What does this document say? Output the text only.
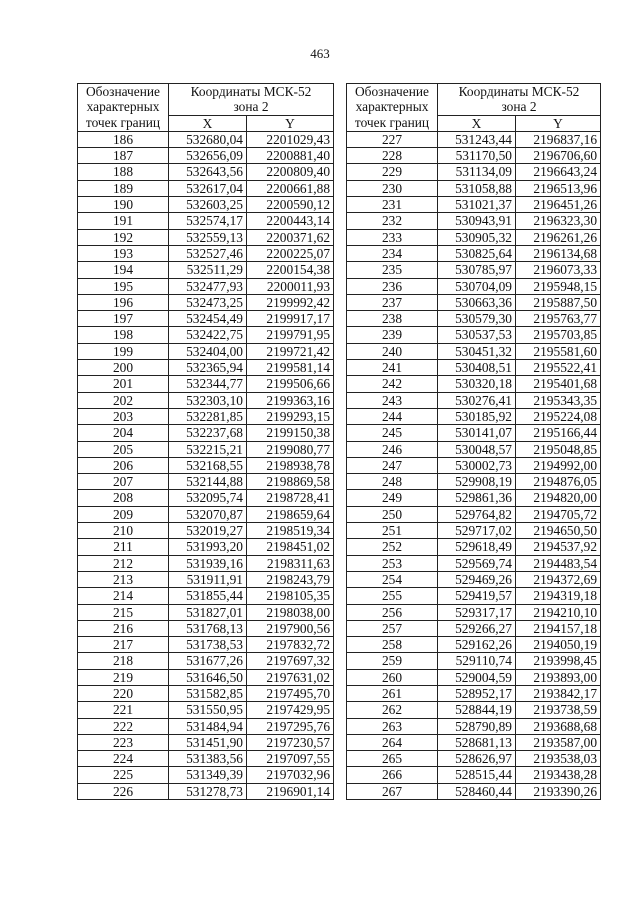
463
Обозначение
характерных
точек границ	Координаты МСК-52
зона 2	
	X	Y
186	532680,04	2201029,43
187	532656,09	2200881,40
188	532643,56	2200809,40
189	532617,04	2200661,88
190	532603,25	2200590,12
191	532574,17	2200443,14
192	532559,13	2200371,62
193	532527,46	2200225,07
194	532511,29	2200154,38
195	532477,93	2200011,93
196	532473,25	2199992,42
197	532454,49	2199917,17
198	532422,75	2199791,95
199	532404,00	2199721,42
200	532365,94	2199581,14
201	532344,77	2199506,66
202	532303,10	2199363,16
203	532281,85	2199293,15
204	532237,68	2199150,38
205	532215,21	2199080,77
206	532168,55	2198938,78
207	532144,88	2198869,58
208	532095,74	2198728,41
209	532070,87	2198659,64
210	532019,27	2198519,34
211	531993,20	2198451,02
212	531939,16	2198311,63
213	531911,91	2198243,79
214	531855,44	2198105,35
215	531827,01	2198038,00
216	531768,13	2197900,56
217	531738,53	2197832,72
218	531677,26	2197697,32
219	531646,50	2197631,02
220	531582,85	2197495,70
221	531550,95	2197429,95
222	531484,94	2197295,76
223	531451,90	2197230,57
224	531383,56	2197097,55
225	531349,39	2197032,96
226	531278,73	2196901,14
Обозначение
характерных
точек границ	Координаты МСК-52
зона 2	
	X	Y
227	531243,44	2196837,16
228	531170,50	2196706,60
229	531134,09	2196643,24
230	531058,88	2196513,96
231	531021,37	2196451,26
232	530943,91	2196323,30
233	530905,32	2196261,26
234	530825,64	2196134,68
235	530785,97	2196073,33
236	530704,09	2195948,15
237	530663,36	2195887,50
238	530579,30	2195763,77
239	530537,53	2195703,85
240	530451,32	2195581,60
241	530408,51	2195522,41
242	530320,18	2195401,68
243	530276,41	2195343,35
244	530185,92	2195224,08
245	530141,07	2195166,44
246	530048,57	2195048,85
247	530002,73	2194992,00
248	529908,19	2194876,05
249	529861,36	2194820,00
250	529764,82	2194705,72
251	529717,02	2194650,50
252	529618,49	2194537,92
253	529569,74	2194483,54
254	529469,26	2194372,69
255	529419,57	2194319,18
256	529317,17	2194210,10
257	529266,27	2194157,18
258	529162,26	2194050,19
259	529110,74	2193998,45
260	529004,59	2193893,00
261	528952,17	2193842,17
262	528844,19	2193738,59
263	528790,89	2193688,68
264	528681,13	2193587,00
265	528626,97	2193538,03
266	528515,44	2193438,28
267	528460,44	2193390,26
